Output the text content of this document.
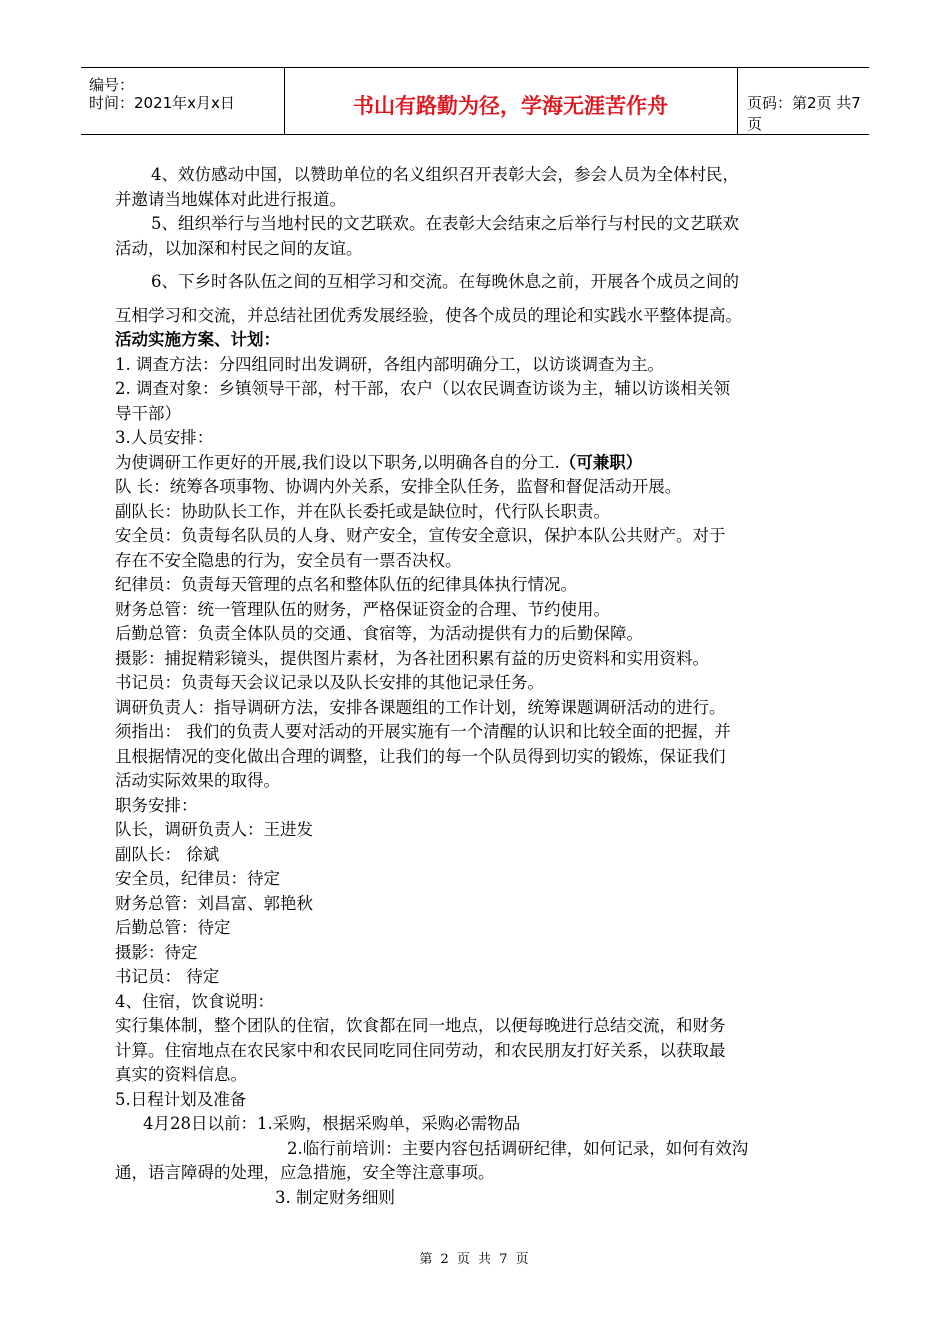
编号：
时间：2021年x月x日	书山有路勤为径，学海无涯苦作舟	页码：第2页 共7页

4、效仿感动中国，以赞助单位的名义组织召开表彰大会，参会人员为全体村民，

并邀请当地媒体对此进行报道。

5、组织举行与当地村民的文艺联欢。在表彰大会结束之后举行与村民的文艺联欢

活动，以加深和村民之间的友谊。

6、下乡时各队伍之间的互相学习和交流。在每晚休息之前，开展各个成员之间的

互相学习和交流，并总结社团优秀发展经验，使各个成员的理论和实践水平整体提高。

活动实施方案、计划：

1. 调查方法：分四组同时出发调研，各组内部明确分工，以访谈调查为主。

2. 调查对象：乡镇领导干部，村干部，农户（以农民调查访谈为主，辅以访谈相关领

导干部）

3.人员安排：

为使调研工作更好的开展,我们设以下职务,以明确各自的分工.（可兼职）

队 长：统筹各项事物、协调内外关系，安排全队任务，监督和督促活动开展。

副队长：协助队长工作，并在队长委托或是缺位时，代行队长职责。

安全员：负责每名队员的人身、财产安全，宣传安全意识，保护本队公共财产。对于

存在不安全隐患的行为，安全员有一票否决权。

纪律员：负责每天管理的点名和整体队伍的纪律具体执行情况。

财务总管：统一管理队伍的财务，严格保证资金的合理、节约使用。

后勤总管：负责全体队员的交通、食宿等，为活动提供有力的后勤保障。

摄影：捕捉精彩镜头，提供图片素材，为各社团积累有益的历史资料和实用资料。

书记员：负责每天会议记录以及队长安排的其他记录任务。

调研负责人：指导调研方法，安排各课题组的工作计划，统筹课题调研活动的进行。

须指出： 我们的负责人要对活动的开展实施有一个清醒的认识和比较全面的把握，并

且根据情况的变化做出合理的调整，让我们的每一个队员得到切实的锻炼，保证我们

活动实际效果的取得。

职务安排：

队长，调研负责人：王进发

副队长： 徐斌

安全员，纪律员：待定

财务总管：刘昌富、郭艳秋

后勤总管：待定

摄影：待定

书记员： 待定

4、住宿，饮食说明：

实行集体制，整个团队的住宿，饮食都在同一地点，以便每晚进行总结交流，和财务

计算。住宿地点在农民家中和农民同吃同住同劳动，和农民朋友打好关系，以获取最

真实的资料信息。

5.日程计划及准备

4月28日以前：1.采购，根据采购单，采购必需物品

2.临行前培训：主要内容包括调研纪律，如何记录，如何有效沟

通，语言障碍的处理，应急措施，安全等注意事项。

3. 制定财务细则

第 2 页 共 7 页
